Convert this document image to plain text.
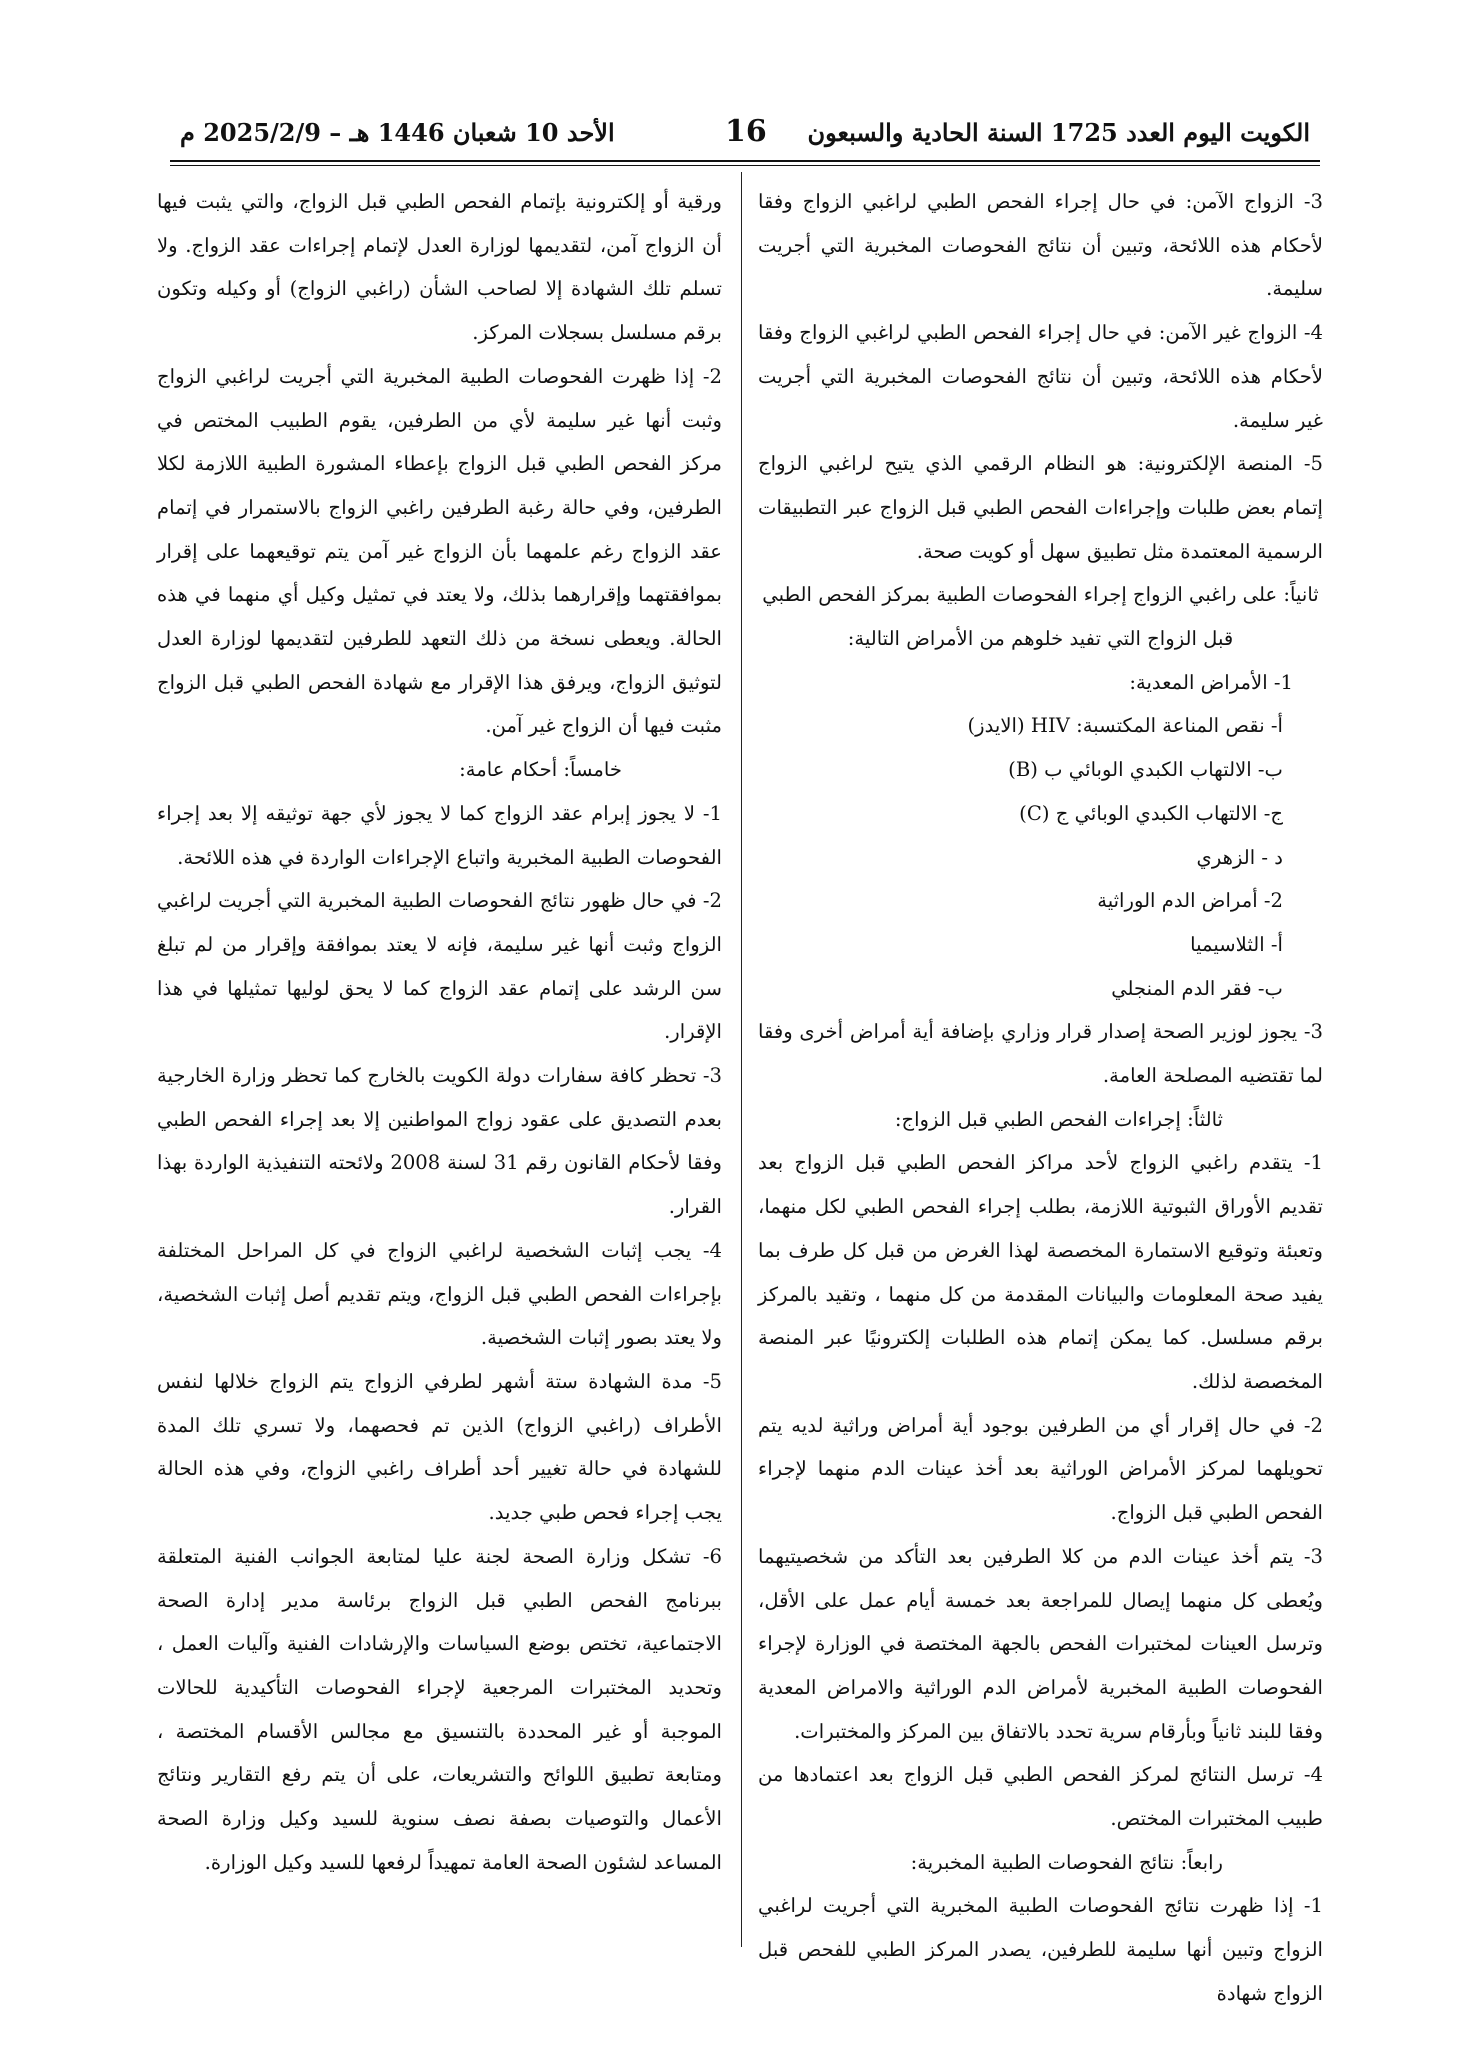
الكويت اليوم العدد 1725 السنة الحادية والسبعون
16
الأحد 10 شعبان 1446 هـ – 2025/2/9 م

3- الزواج الآمن: في حال إجراء الفحص الطبي لراغبي الزواج وفقا لأحكام هذه اللائحة، وتبين أن نتائج الفحوصات المخبرية التي أجريت سليمة.

4- الزواج غير الآمن: في حال إجراء الفحص الطبي لراغبي الزواج وفقا لأحكام هذه اللائحة، وتبين أن نتائج الفحوصات المخبرية التي أجريت غير سليمة.

5- المنصة الإلكترونية: هو النظام الرقمي الذي يتيح لراغبي الزواج إتمام بعض طلبات وإجراءات الفحص الطبي قبل الزواج عبر التطبيقات الرسمية المعتمدة مثل تطبيق سهل أو كويت صحة.

ثانياً: على راغبي الزواج إجراء الفحوصات الطبية بمركز الفحص الطبي قبل الزواج التي تفيد خلوهم من الأمراض التالية:

1- الأمراض المعدية:

أ- نقص المناعة المكتسبة: HIV (الايدز)

ب- الالتهاب الكبدي الوبائي ب (B)

ج- الالتهاب الكبدي الوبائي ج (C)

د - الزهري

2- أمراض الدم الوراثية

أ- الثلاسيميا

ب- فقر الدم المنجلي

3- يجوز لوزير الصحة إصدار قرار وزاري بإضافة أية أمراض أخرى وفقا لما تقتضيه المصلحة العامة.

ثالثاً: إجراءات الفحص الطبي قبل الزواج:

1- يتقدم راغبي الزواج لأحد مراكز الفحص الطبي قبل الزواج بعد تقديم الأوراق الثبوتية اللازمة، بطلب إجراء الفحص الطبي لكل منهما، وتعبئة وتوقيع الاستمارة المخصصة لهذا الغرض من قبل كل طرف بما يفيد صحة المعلومات والبيانات المقدمة من كل منهما ، وتقيد بالمركز برقم مسلسل. كما يمكن إتمام هذه الطلبات إلكترونيًا عبر المنصة المخصصة لذلك.

2- في حال إقرار أي من الطرفين بوجود أية أمراض وراثية لديه يتم تحويلهما لمركز الأمراض الوراثية بعد أخذ عينات الدم منهما لإجراء الفحص الطبي قبل الزواج.

3- يتم أخذ عينات الدم من كلا الطرفين بعد التأكد من شخصيتيهما ويُعطى كل منهما إيصال للمراجعة بعد خمسة أيام عمل على الأقل، وترسل العينات لمختبرات الفحص بالجهة المختصة في الوزارة لإجراء الفحوصات الطبية المخبرية لأمراض الدم الوراثية والامراض المعدية وفقا للبند ثانياً وبأرقام سرية تحدد بالاتفاق بين المركز والمختبرات.

4- ترسل النتائج لمركز الفحص الطبي قبل الزواج بعد اعتمادها من طبيب المختبرات المختص.

رابعاً: نتائج الفحوصات الطبية المخبرية:

1- إذا ظهرت نتائج الفحوصات الطبية المخبرية التي أجريت لراغبي الزواج وتبين أنها سليمة للطرفين، يصدر المركز الطبي للفحص قبل الزواج شهادة

ورقية أو إلكترونية بإتمام الفحص الطبي قبل الزواج، والتي يثبت فيها أن الزواج آمن، لتقديمها لوزارة العدل لإتمام إجراءات عقد الزواج. ولا تسلم تلك الشهادة إلا لصاحب الشأن (راغبي الزواج) أو وكيله وتكون برقم مسلسل بسجلات المركز.

2- إذا ظهرت الفحوصات الطبية المخبرية التي أجريت لراغبي الزواج وثبت أنها غير سليمة لأي من الطرفين، يقوم الطبيب المختص في مركز الفحص الطبي قبل الزواج بإعطاء المشورة الطبية اللازمة لكلا الطرفين، وفي حالة رغبة الطرفين راغبي الزواج بالاستمرار في إتمام عقد الزواج رغم علمهما بأن الزواج غير آمن يتم توقيعهما على إقرار بموافقتهما وإقرارهما بذلك، ولا يعتد في تمثيل وكيل أي منهما في هذه الحالة. ويعطى نسخة من ذلك التعهد للطرفين لتقديمها لوزارة العدل لتوثيق الزواج، ويرفق هذا الإقرار مع شهادة الفحص الطبي قبل الزواج مثبت فيها أن الزواج غير آمن.

خامساً: أحكام عامة:

1- لا يجوز إبرام عقد الزواج كما لا يجوز لأي جهة توثيقه إلا بعد إجراء الفحوصات الطبية المخبرية واتباع الإجراءات الواردة في هذه اللائحة.

2- في حال ظهور نتائج الفحوصات الطبية المخبرية التي أجريت لراغبي الزواج وثبت أنها غير سليمة، فإنه لا يعتد بموافقة وإقرار من لم تبلغ سن الرشد على إتمام عقد الزواج كما لا يحق لوليها تمثيلها في هذا الإقرار.

3- تحظر كافة سفارات دولة الكويت بالخارج كما تحظر وزارة الخارجية بعدم التصديق على عقود زواج المواطنين إلا بعد إجراء الفحص الطبي وفقا لأحكام القانون رقم 31 لسنة 2008 ولائحته التنفيذية الواردة بهذا القرار.

4- يجب إثبات الشخصية لراغبي الزواج في كل المراحل المختلفة بإجراءات الفحص الطبي قبل الزواج، ويتم تقديم أصل إثبات الشخصية، ولا يعتد بصور إثبات الشخصية.

5- مدة الشهادة ستة أشهر لطرفي الزواج يتم الزواج خلالها لنفس الأطراف (راغبي الزواج) الذين تم فحصهما، ولا تسري تلك المدة للشهادة في حالة تغيير أحد أطراف راغبي الزواج، وفي هذه الحالة يجب إجراء فحص طبي جديد.

6- تشكل وزارة الصحة لجنة عليا لمتابعة الجوانب الفنية المتعلقة ببرنامج الفحص الطبي قبل الزواج برئاسة مدير إدارة الصحة الاجتماعية، تختص بوضع السياسات والإرشادات الفنية وآليات العمل ، وتحديد المختبرات المرجعية لإجراء الفحوصات التأكيدية للحالات الموجبة أو غير المحددة بالتنسيق مع مجالس الأقسام المختصة ، ومتابعة تطبيق اللوائح والتشريعات، على أن يتم رفع التقارير ونتائج الأعمال والتوصيات بصفة نصف سنوية للسيد وكيل وزارة الصحة المساعد لشئون الصحة العامة تمهيداً لرفعها للسيد وكيل الوزارة.
